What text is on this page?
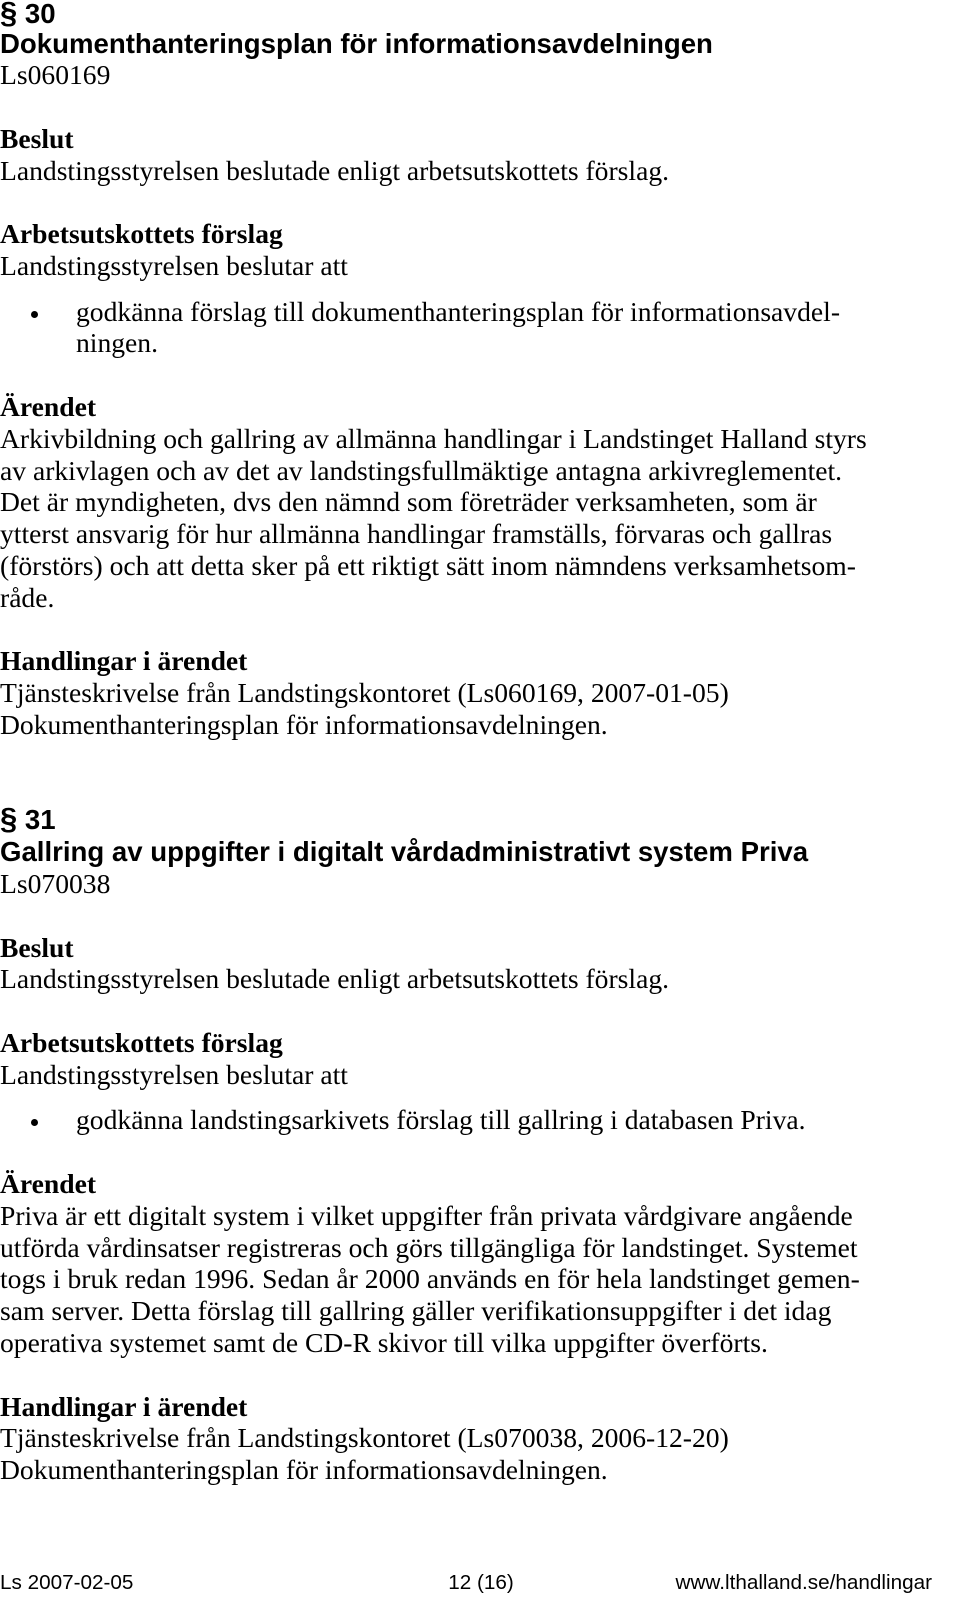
§ 30
Dokumenthanteringsplan för informationsavdelningen
Ls060169
Beslut
Landstingsstyrelsen beslutade enligt arbetsutskottets förslag.
Arbetsutskottets förslag
Landstingsstyrelsen beslutar att
godkänna förslag till dokumenthanteringsplan för informationsavdel-
ningen.
Ärendet
Arkivbildning och gallring av allmänna handlingar i Landstinget Halland styrs
av arkivlagen och av det av landstingsfullmäktige antagna arkivreglementet.
Det är myndigheten, dvs den nämnd som företräder verksamheten, som är
ytterst ansvarig för hur allmänna handlingar framställs, förvaras och gallras
(förstörs) och att detta sker på ett riktigt sätt inom nämndens verksamhetsom-
råde.
Handlingar i ärendet
Tjänsteskrivelse från Landstingskontoret (Ls060169, 2007-01-05)
Dokumenthanteringsplan för informationsavdelningen.
§ 31
Gallring av uppgifter i digitalt vårdadministrativt system Priva
Ls070038
Beslut
Landstingsstyrelsen beslutade enligt arbetsutskottets förslag.
Arbetsutskottets förslag
Landstingsstyrelsen beslutar att
godkänna landstingsarkivets förslag till gallring i databasen Priva.
Ärendet
Priva är ett digitalt system i vilket uppgifter från privata vårdgivare angående
utförda vårdinsatser registreras och görs tillgängliga för landstinget. Systemet
togs i bruk redan 1996. Sedan år 2000 används en för hela landstinget gemen-
sam server. Detta förslag till gallring gäller verifikationsuppgifter i det idag
operativa systemet samt de CD-R skivor till vilka uppgifter överförts.
Handlingar i ärendet
Tjänsteskrivelse från Landstingskontoret (Ls070038, 2006-12-20)
Dokumenthanteringsplan för informationsavdelningen.
Ls 2007-02-05	12 (16)	www.lthalland.se/handlingar
